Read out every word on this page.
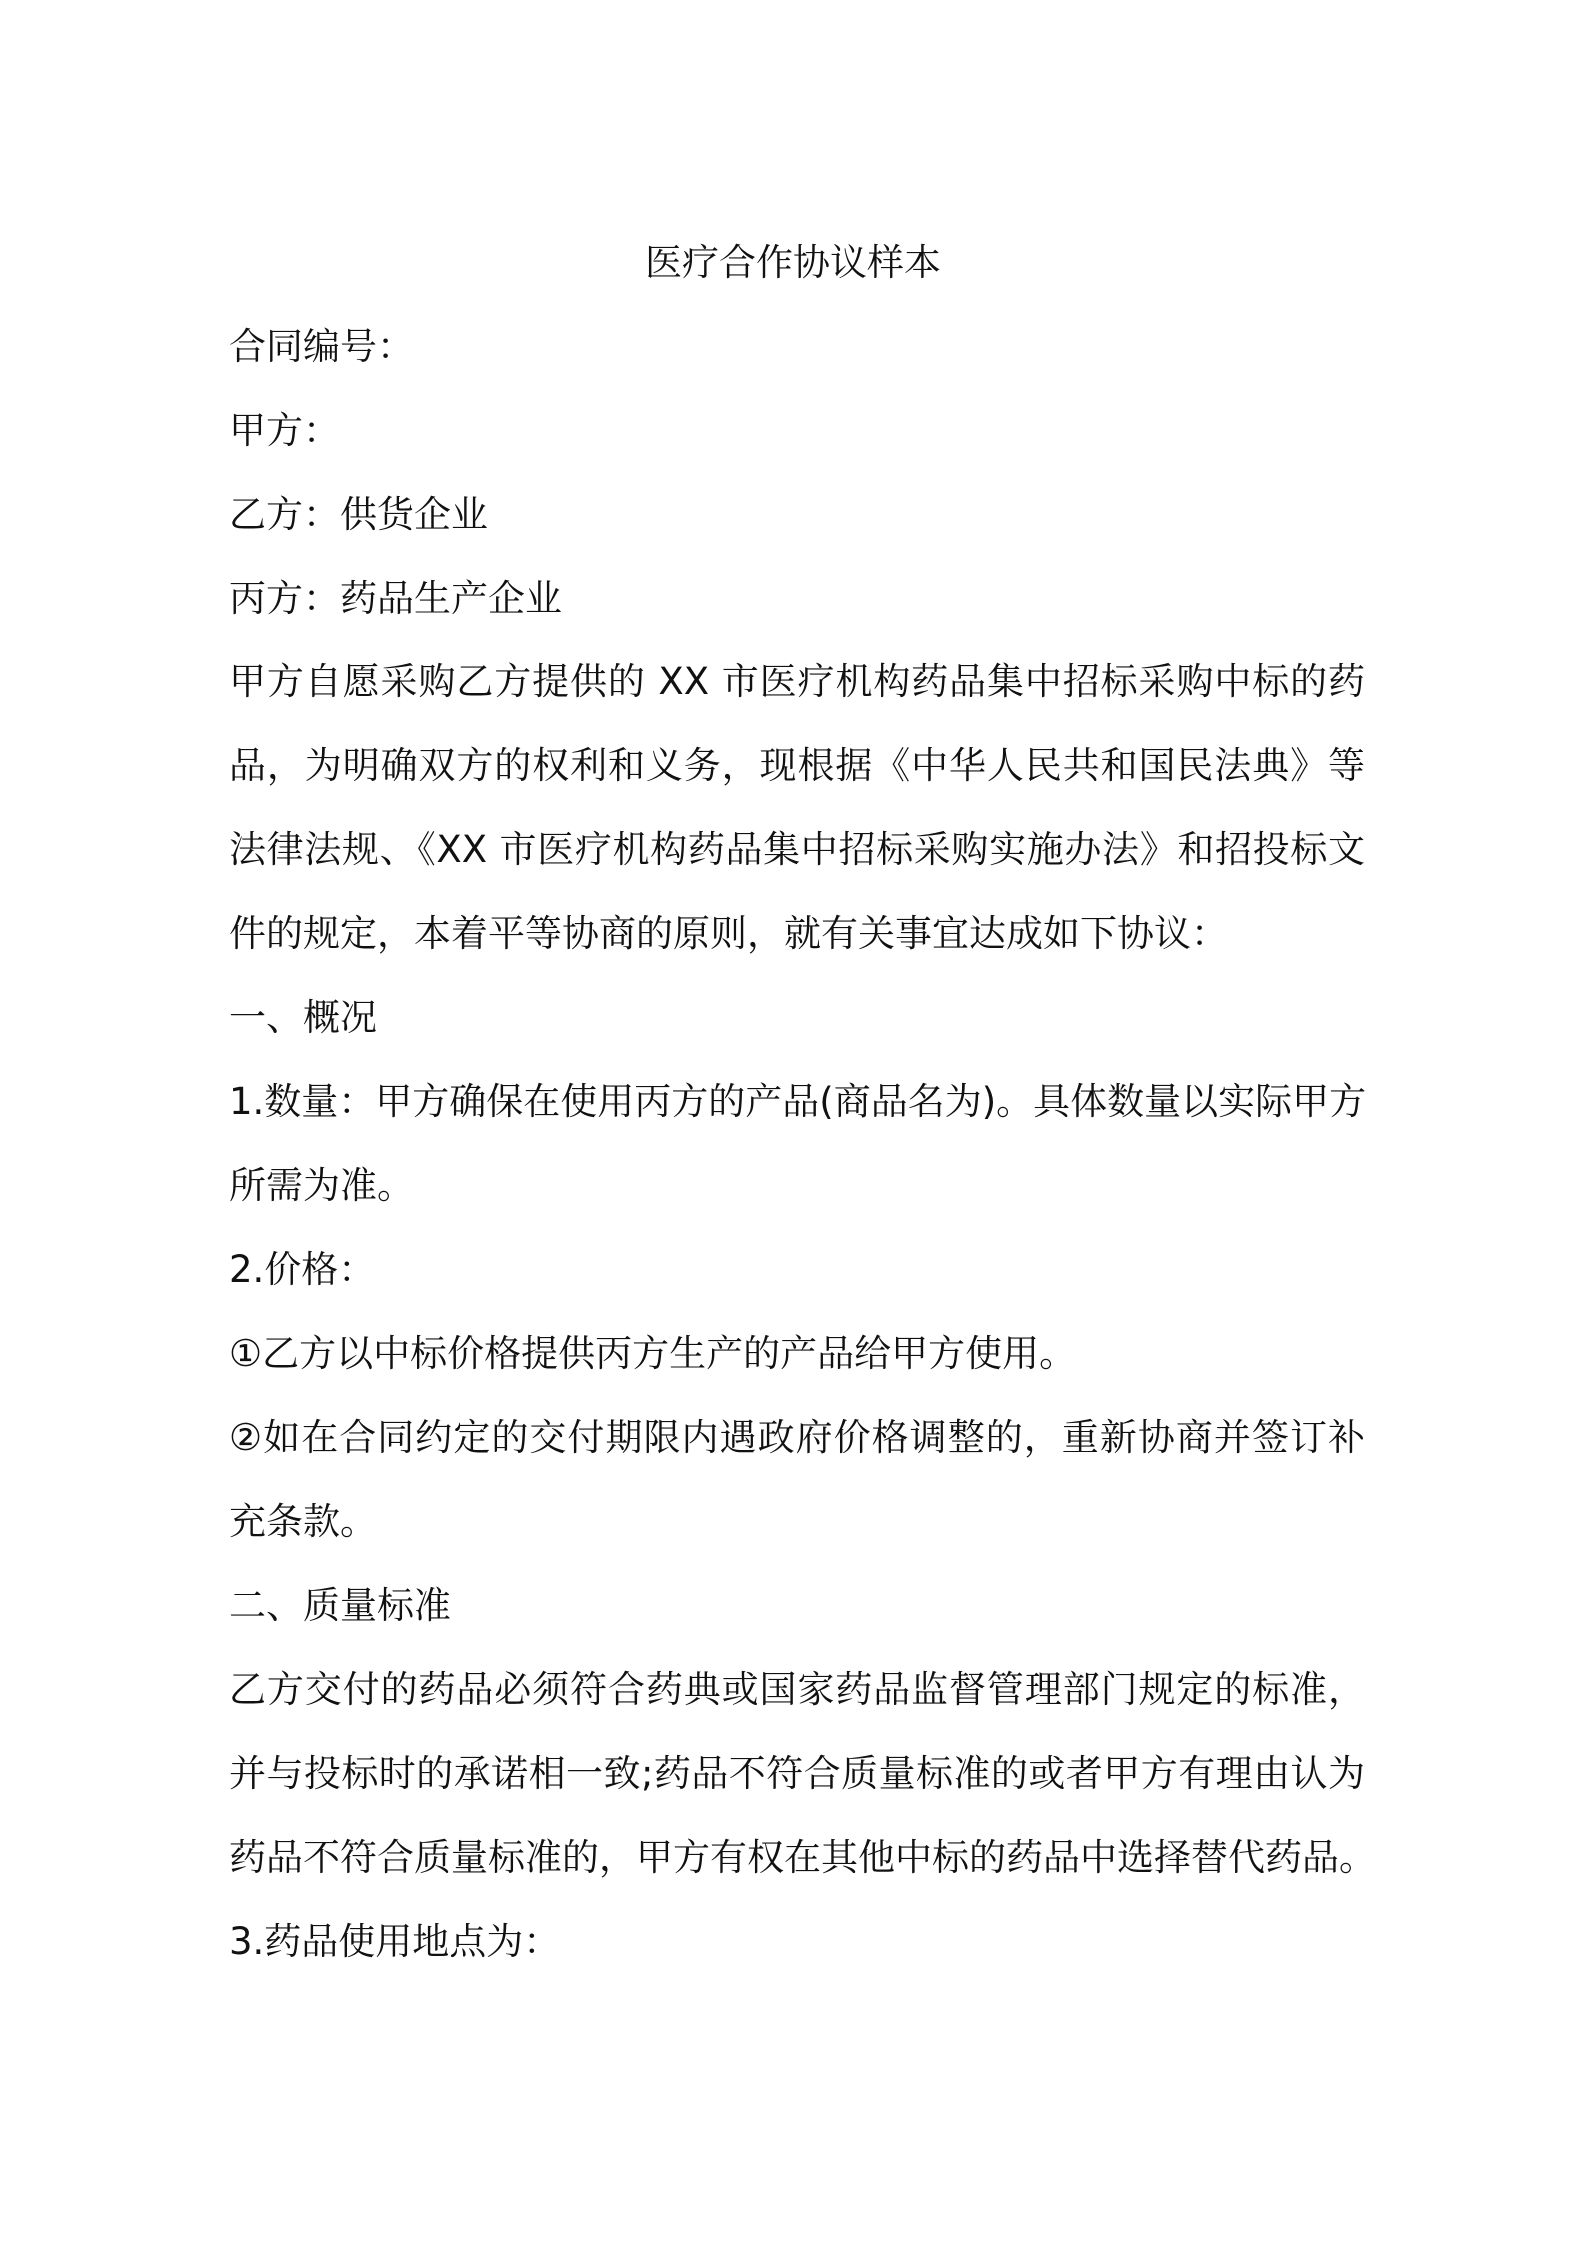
医疗合作协议样本
合同编号：
甲方：
乙方：供货企业
丙方：药品生产企业
甲方自愿采购乙方提供的 XX 市医疗机构药品集中招标采购中标的药
品，为明确双方的权利和义务，现根据《中华人民共和国民法典》等
法律法规、《XX 市医疗机构药品集中招标采购实施办法》和招投标文
件的规定，本着平等协商的原则，就有关事宜达成如下协议：
一、概况
1.数量：甲方确保在使用丙方的产品(商品名为)。具体数量以实际甲方
所需为准。
2.价格：
①乙方以中标价格提供丙方生产的产品给甲方使用。
②如在合同约定的交付期限内遇政府价格调整的，重新协商并签订补
充条款。
二、质量标准
乙方交付的药品必须符合药典或国家药品监督管理部门规定的标准，
并与投标时的承诺相一致;药品不符合质量标准的或者甲方有理由认为
药品不符合质量标准的，甲方有权在其他中标的药品中选择替代药品。
3.药品使用地点为：
